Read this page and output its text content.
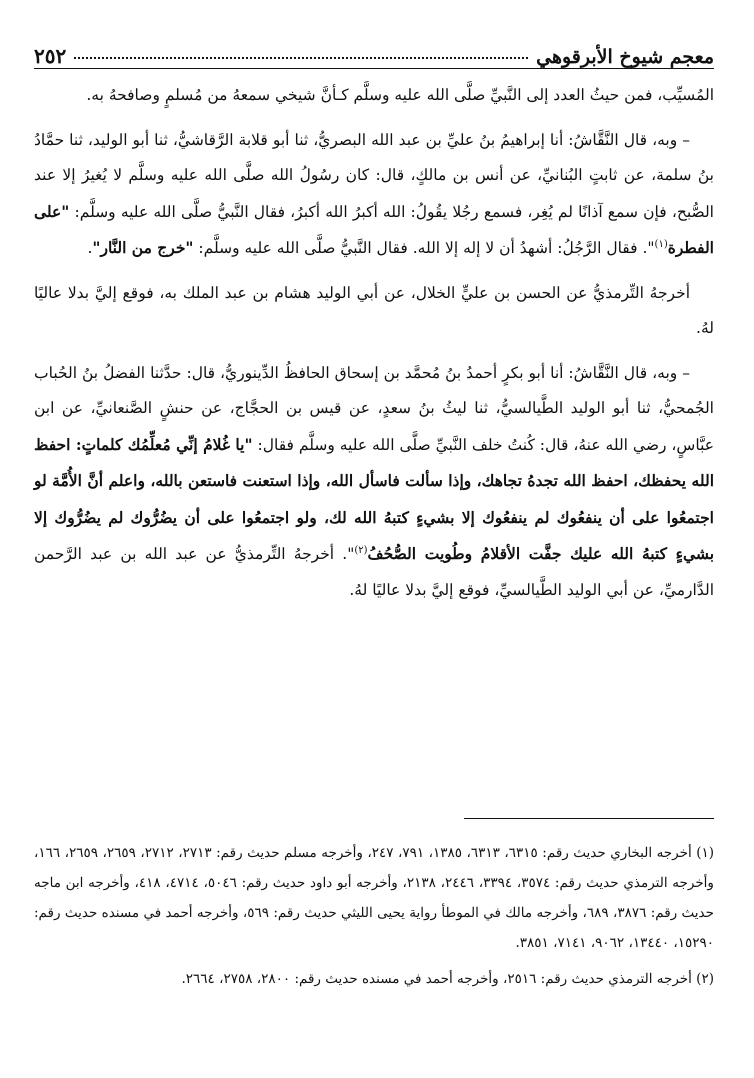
معجم شيوخ الأبرقوهي
٢٥٢

المُسيِّب، فمن حيثُ العدد إلى النَّبيِّ صلَّى الله عليه وسلَّم كـأنَّ شيخي سمعهُ من مُسلمٍ وصافحهُ به.

– وبه، قال النَّقَّاشُ: أنا إبراهيمُ بنُ عليِّ بن عبد الله البصريُّ، ثنا أبو قلابة الرَّقاشيُّ، ثنا أبو الوليد، ثنا حمَّادُ بنُ سلمة، عن ثابتٍ البُنانيِّ، عن أنس بن مالكٍ، قال: كان رسُولُ الله صلَّى الله عليه وسلَّم لا يُغيرُ إلا عند الصُّبح، فإن سمع آذانًا لم يُغِر، فسمع رجُلا يقُولُ: الله أكبرُ الله أكبرُ، فقال النَّبيُّ صلَّى الله عليه وسلَّم: "على الفطرة$^{(١)}$". فقال الرَّجُلُ: أشهدُ أن لا إله إلا الله. فقال النَّبيُّ صلَّى الله عليه وسلَّم: "خرج من النَّار".

أخرجهُ التِّرمذيُّ عن الحسن بن عليٍّ الخلال، عن أبي الوليد هشام بن عبد الملك به، فوقع إليَّ بدلا عاليًا لهُ.

– وبه، قال النَّقَّاشُ: أنا أبو بكرٍ أحمدُ بنُ مُحمَّد بن إسحاق الحافظُ الدِّينوريُّ، قال: حدَّثنا الفضلُ بنُ الحُباب الجُمحيُّ، ثنا أبو الوليد الطَّيالسيُّ، ثنا ليثُ بنُ سعدٍ، عن قيس بن الحجَّاج، عن حنشٍ الصَّنعانيِّ، عن ابن عبَّاسٍ، رضي الله عنهُ، قال: كُنتُ خلف النَّبيِّ صلَّى الله عليه وسلَّم فقال: "يا غُلامُ إنِّي مُعلِّمُك كلماتٍ: احفظ الله يحفظك، احفظ الله تجدهُ تجاهك، وإذا سألت فاسأل الله، وإذا استعنت فاستعن بالله، واعلم أنَّ الأُمَّة لو اجتمعُوا على أن ينفعُوك لم ينفعُوك إلا بشيءٍ كتبهُ الله لك، ولو اجتمعُوا على أن يضُرُّوك لم يضُرُّوك إلا بشيءٍ كتبهُ الله عليك جفَّت الأقلامُ وطُويت الصُّحُفُ$^{(٢)}$". أخرجهُ التِّرمذيُّ عن عبد الله بن عبد الرَّحمن الدَّارميِّ، عن أبي الوليد الطَّيالسيِّ، فوقع إليَّ بدلا عاليًا لهُ.

(١) أخرجه البخاري حديث رقم: ٦٣١٥، ٦٣١٣، ١٣٨٥، ٧٩١، ٢٤٧، وأخرجه مسلم حديث رقم: ٢٧١٣، ٢٧١٢، ٢٦٥٩، ٢٦٥٩، ١٦٦، وأخرجه الترمذي حديث رقم: ٣٥٧٤، ٣٣٩٤، ٢٤٤٦، ٢١٣٨، وأخرجه أبو داود حديث رقم: ٥٠٤٦، ٤٧١٤، ٤١٨، وأخرجه ابن ماجه حديث رقم: ٣٨٧٦، ٦٨٩، وأخرجه مالك في الموطأ رواية يحيى الليثي حديث رقم: ٥٦٩، وأخرجه أحمد في مسنده حديث رقم: ١٥٢٩٠، ١٣٤٤٠، ٩٠٦٢، ٧١٤١، ٣٨٥١.

(٢) أخرجه الترمذي حديث رقم: ٢٥١٦، وأخرجه أحمد في مسنده حديث رقم: ٢٨٠٠، ٢٧٥٨، ٢٦٦٤.
